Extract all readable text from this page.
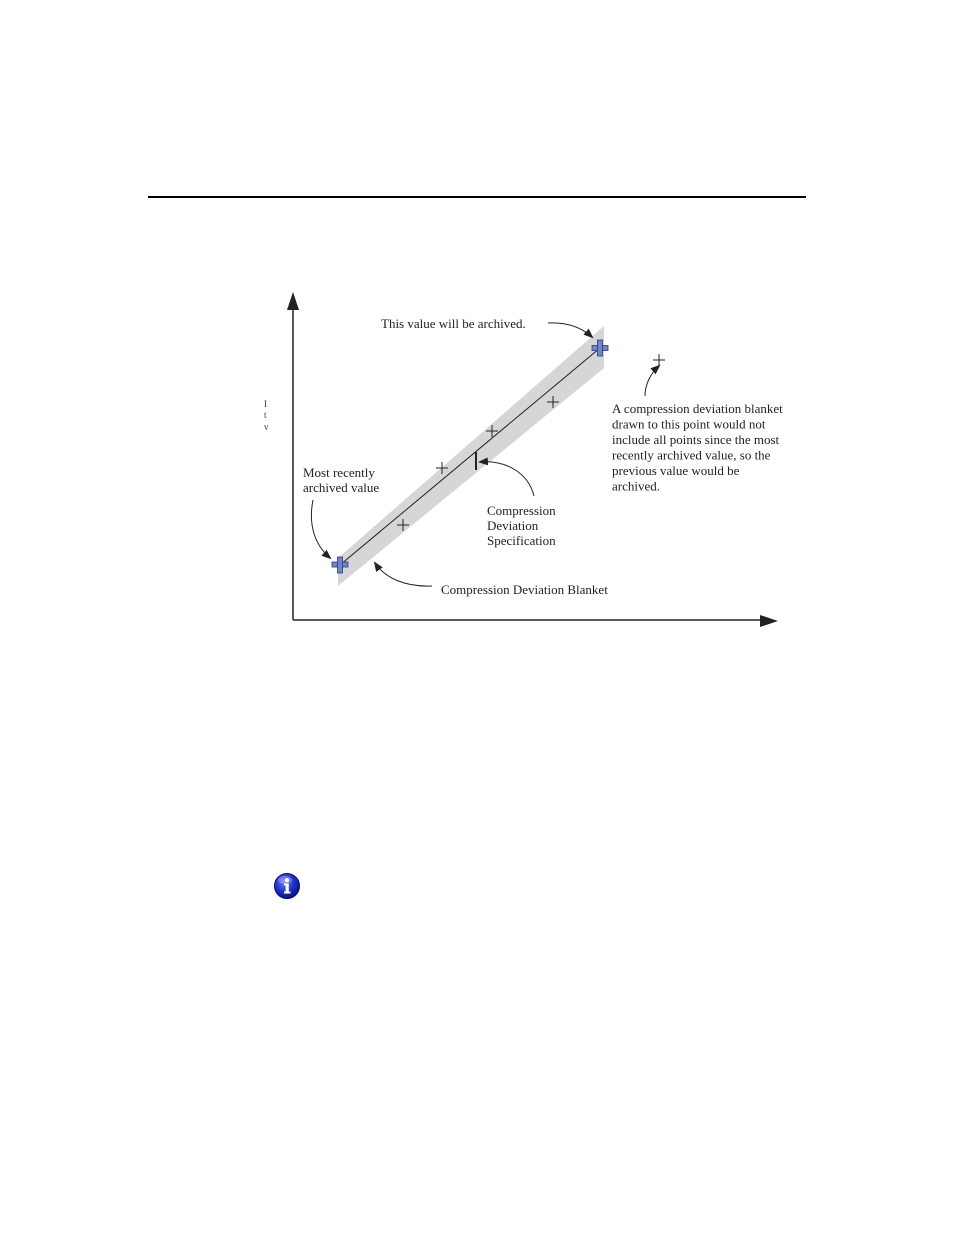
This value will be archived.
Most recently archived value
Compression Deviation Specification
Compression Deviation Blanket
A compression deviation blanket drawn to this point would not include all points since the most recently archived value, so the previous value would be archived.
I
t
v
